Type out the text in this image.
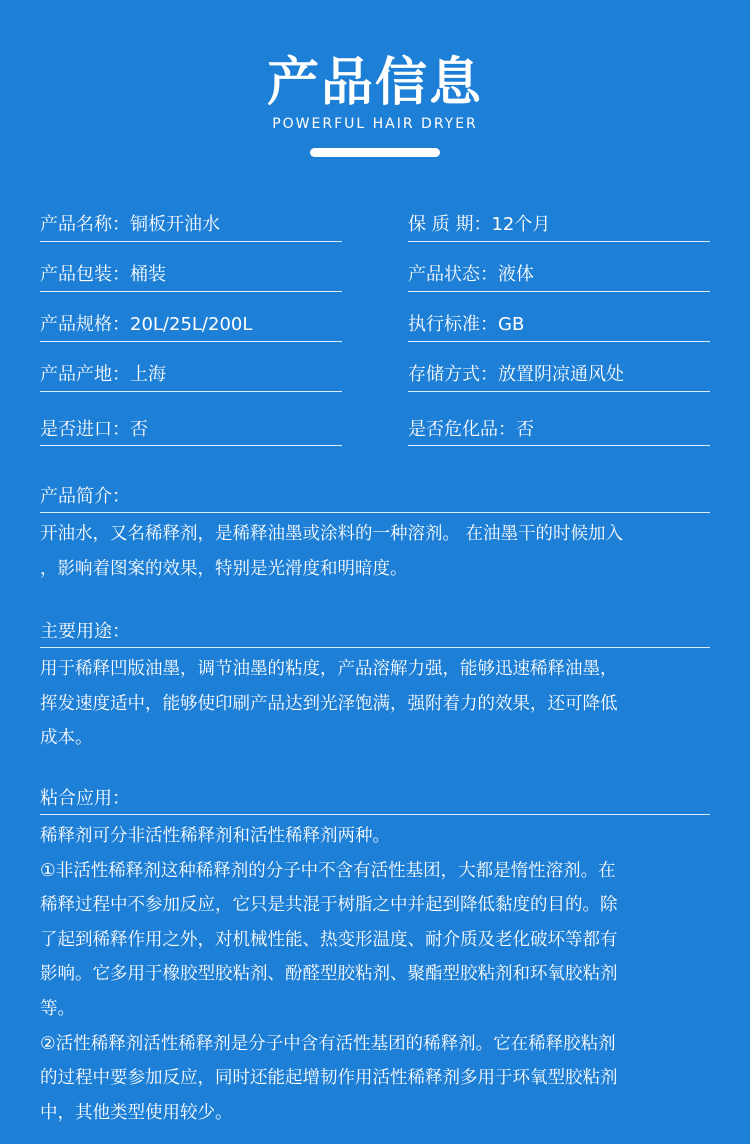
产品信息
POWERFUL HAIR DRYER
产品名称：铜板开油水	保 质 期：12个月
产品包装：桶装	产品状态：液体
产品规格：20L/25L/200L	执行标准：GB
产品产地：上海	存储方式：放置阴凉通风处
是否进口：否	是否危化品：否
产品简介：

开油水，又名稀释剂，是稀释油墨或涂料的一种溶剂。 在油墨干的时候加入

，影响着图案的效果，特别是光滑度和明暗度。

主要用途：

用于稀释凹版油墨，调节油墨的粘度，产品溶解力强，能够迅速稀释油墨，

挥发速度适中，能够使印刷产品达到光泽饱满，强附着力的效果，还可降低

成本。

粘合应用：

稀释剂可分非活性稀释剂和活性稀释剂两种。

①非活性稀释剂这种稀释剂的分子中不含有活性基团，大都是惰性溶剂。在

稀释过程中不参加反应，它只是共混于树脂之中并起到降低黏度的目的。除

了起到稀释作用之外，对机械性能、热变形温度、耐介质及老化破坏等都有

影响。它多用于橡胶型胶粘剂、酚醛型胶粘剂、聚酯型胶粘剂和环氧胶粘剂

等。

②活性稀释剂活性稀释剂是分子中含有活性基团的稀释剂。它在稀释胶粘剂

的过程中要参加反应，同时还能起增韧作用活性稀释剂多用于环氧型胶粘剂

中，其他类型使用较少。
